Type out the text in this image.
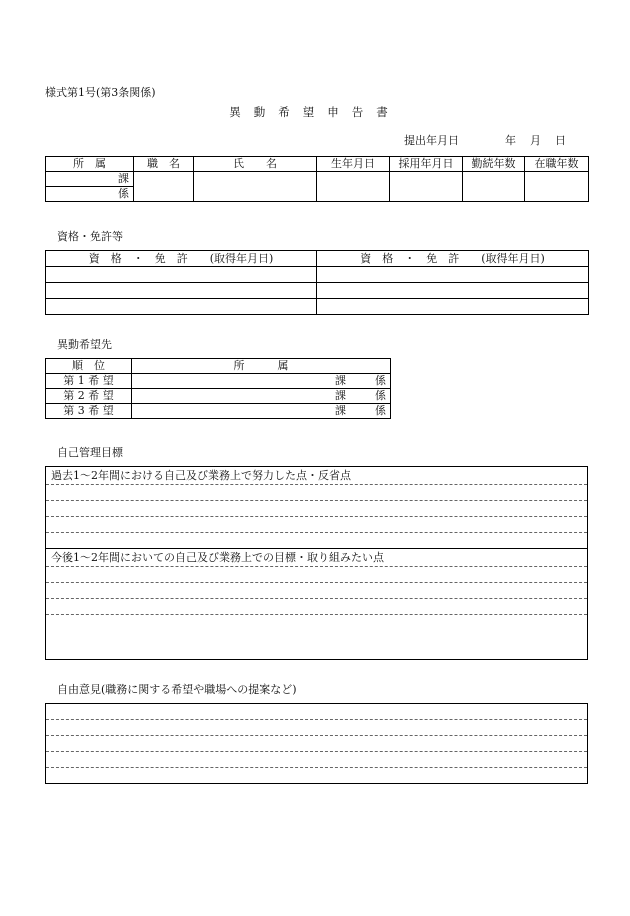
様式第1号(第3条関係)
異動希望申告書
提出年月日	年 月 日
所　属	職　名	氏　　名	生年月日	採用年月日	勤続年数	在職年数
課						
係						
資格・免許等
資　格　・　免　許　　(取得年月日)	資　格　・　免　許　　(取得年月日)

異動希望先
順　位	所　　　属
第 1 希 望	課 係

第 2 希 望	課 係

第 3 希 望	課 係
自己管理目標
過去1～2年間における自己及び業務上で努力した点・反省点
今後1～2年間においての自己及び業務上での目標・取り組みたい点
自由意見(職務に関する希望や職場への提案など)
